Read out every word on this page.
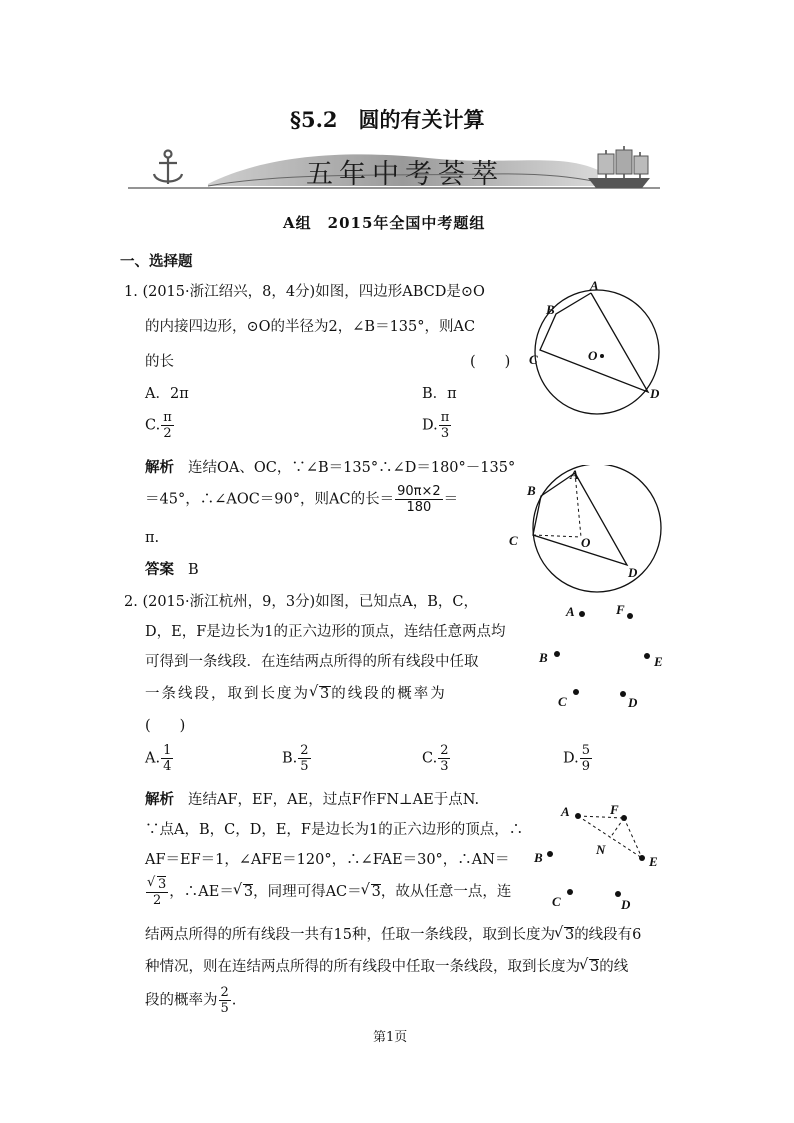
§5.2　圆的有关计算
五年中考荟萃
A组　2015年全国中考题组
一、选择题
1. (2015·浙江绍兴，8，4分)如图，四边形ABCD是⊙O
的内接四边形，⊙O的半径为2，∠B＝135°，则AC
的长	(　　)
A．2π	B．π
C. $\frac{\pi}{2}$	D. $\frac{\pi}{3}$
解析 连结OA、OC，∵∠B＝135°∴∠D＝180°－135°
＝45°，∴∠AOC＝90°，则AC的长＝ $\frac{90\pi\times 2}{180}$ ＝
π.
答案 B
A
B
C	O
D
A
B
C	O
D
2. (2015·浙江杭州，9，3分)如图，已知点A，B，C，
D，E，F是边长为1的正六边形的顶点，连结任意两点均
可得到一条线段．在连结两点所得的所有线段中任取
一条线段，取到长度为 √ 3的线段的概率为
(　　)
A. $\frac{1}{4}$	B. $\frac{2}{5}$	C. $\frac{2}{3}$	D. $\frac{5}{9}$
解析 连结AF，EF，AE，过点F作FN⊥AE于点N.
∵点A，B，C，D，E，F是边长为1的正六边形的顶点，∴
AF＝EF＝1，∠AFE＝120°，∴∠FAE＝30°，∴AN＝
√ $\frac{3}{2}$ ，∴AE＝ √ 3，同理可得AC＝ √ 3，故从任意一点，连
结两点所得的所有线段一共有15种，任取一条线段，取到长度为 √ 3的线段有6
种情况，则在连结两点所得的所有线段中任取一条线段，取到长度为 √ 3的线
段的概率为 $\frac{2}{5}$ .
A	F
B	E
C	D
A	F
N
B	E
C	D
第1页
